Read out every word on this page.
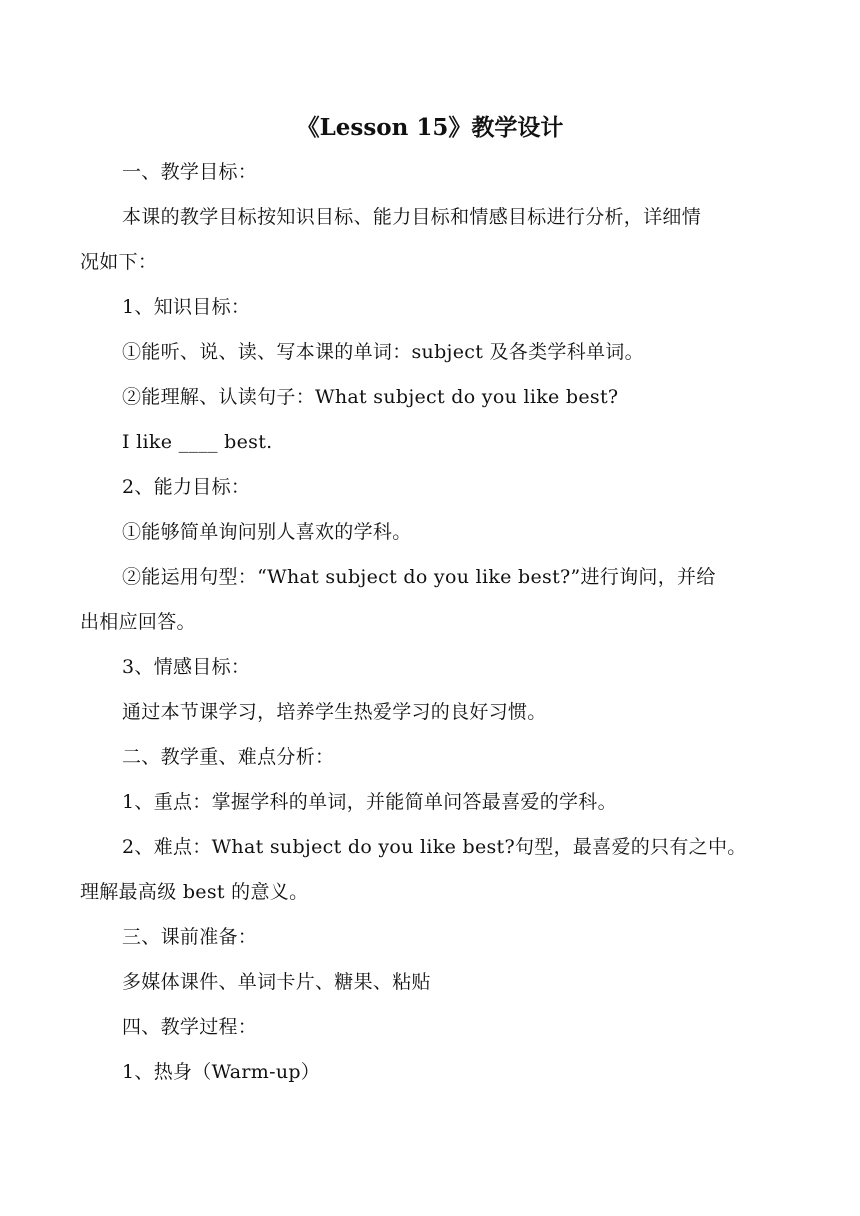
《Lesson 15》教学设计
一、教学目标：
本课的教学目标按知识目标、能力目标和情感目标进行分析，详细情
况如下：
1、知识目标：
①能听、说、读、写本课的单词：subject 及各类学科单词。
②能理解、认读句子：What subject do you like best?
I like ____ best.
2、能力目标：
①能够简单询问别人喜欢的学科。
②能运用句型：“What subject do you like best?”进行询问，并给
出相应回答。
3、情感目标：
通过本节课学习，培养学生热爱学习的良好习惯。
二、教学重、难点分析：
1、重点：掌握学科的单词，并能简单问答最喜爱的学科。
2、难点：What subject do you like best?句型，最喜爱的只有之中。
理解最高级 best 的意义。
三、课前准备：
多媒体课件、单词卡片、糖果、粘贴
四、教学过程：
1、热身（Warm-up）
